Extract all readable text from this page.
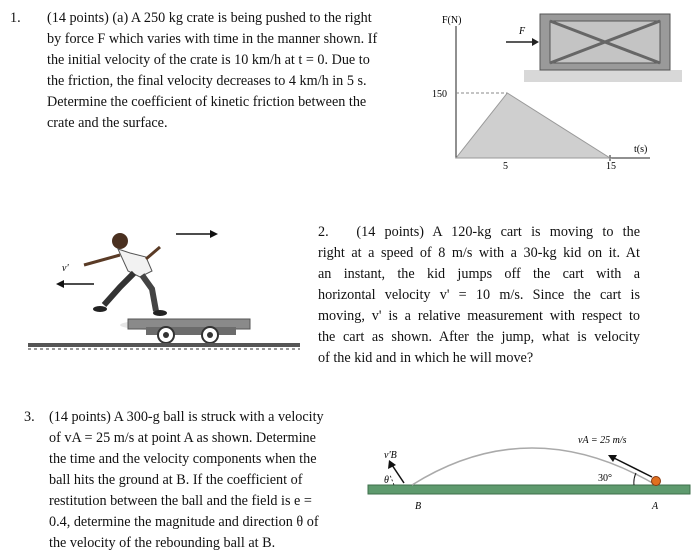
1. (14 points) (a) A 250 kg crate is being pushed to the right
by force F which varies with time in the manner shown. If
the initial velocity of the crate is 10 km/h at t = 0. Due to
the friction, the final velocity decreases to 4 km/h in 5 s.
Determine the coefficient of kinetic friction between the
crate and the surface.
F
F(N)
t(s)
150
5	15
2. (14 points) A 120-kg cart is moving to the
right at a speed of 8 m/s with a 30-kg kid on it. At
an instant, the kid jumps off the cart with a
horizontal velocity v' = 10 m/s. Since the cart is
moving, v' is a relative measurement with respect to
the cart as shown. After the jump, what is velocity
of the kid and in which he will move?
v'
3. (14 points) A 300-g ball is struck with a velocity
of vA = 25 m/s at point A as shown. Determine
the time and the velocity components when the
ball hits the ground at B. If the coefficient of
restitution between the ball and the field is e =
0.4, determine the magnitude and direction θ of
the velocity of the rebounding ball at B.
30°
vA = 25 m/s
v'B
θ
B	A
